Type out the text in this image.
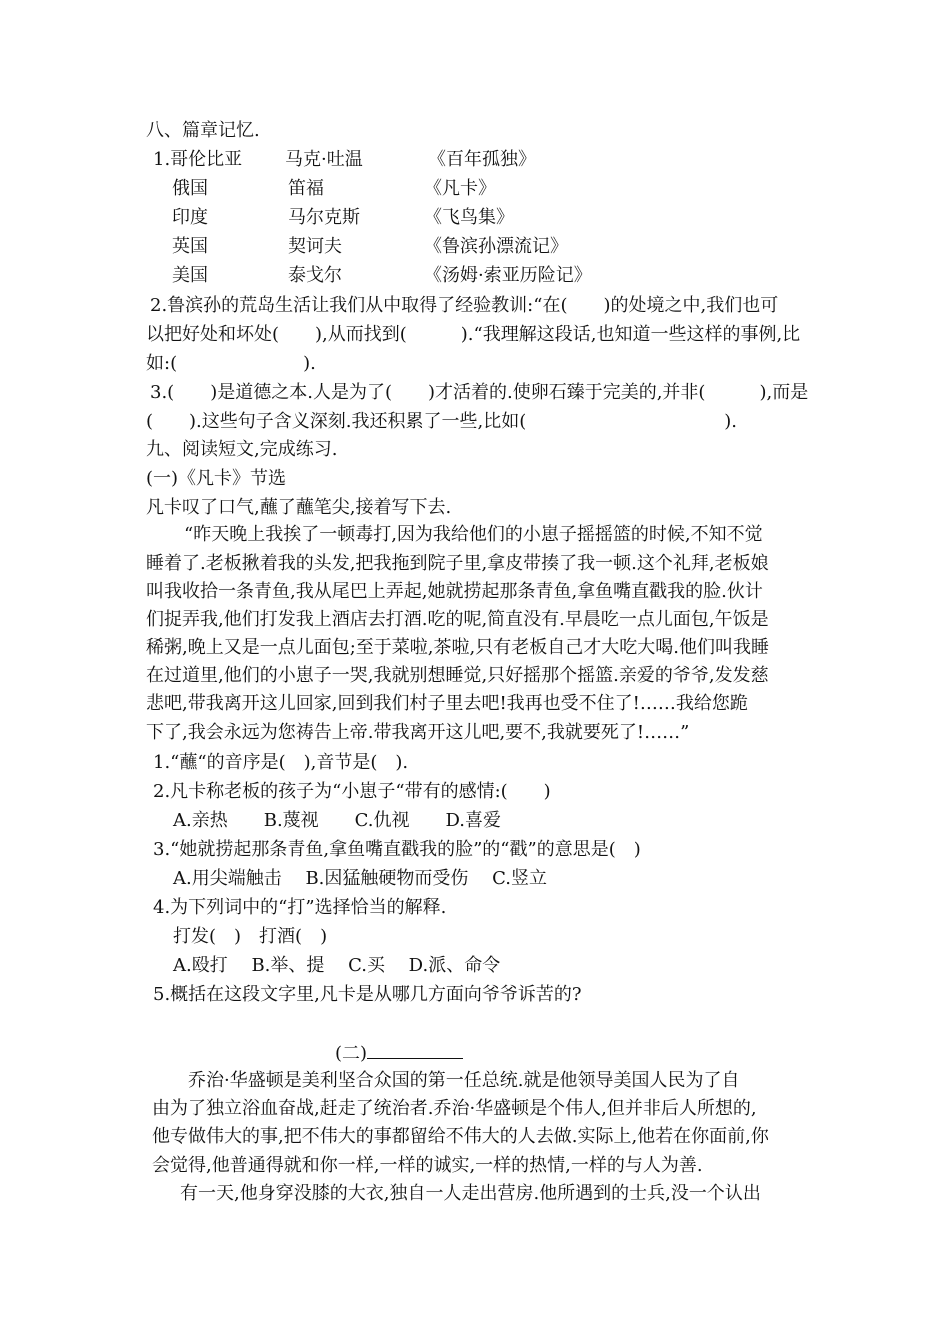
八、篇章记忆.
1.哥伦比亚 马克·吐温	《百年孤独》
俄国	笛福	《凡卡》
印度	马尔克斯	《飞鸟集》
英国	契诃夫	《鲁滨孙漂流记》
美国	泰戈尔	《汤姆·索亚历险记》
2.鲁滨孙的荒岛生活让我们从中取得了经验教训:“在(　　)的处境之中,我们也可
以把好处和坏处(　　),从而找到(　　　).“我理解这段话,也知道一些这样的事例,比
如:(　　　　　　　).
3.(　　)是道德之本.人是为了(　　)才活着的.使卵石臻于完美的,并非(　　　),而是
(　　).这些句子含义深刻.我还积累了一些,比如(　　　　　　　　　　　).
九、阅读短文,完成练习.
(一)《凡卡》节选
凡卡叹了口气,蘸了蘸笔尖,接着写下去.
“昨天晚上我挨了一顿毒打,因为我给他们的小崽子摇摇篮的时候,不知不觉
睡着了.老板揪着我的头发,把我拖到院子里,拿皮带揍了我一顿.这个礼拜,老板娘
叫我收拾一条青鱼,我从尾巴上弄起,她就捞起那条青鱼,拿鱼嘴直戳我的脸.伙计
们捉弄我,他们打发我上酒店去打酒.吃的呢,简直没有.早晨吃一点儿面包,午饭是
稀粥,晚上又是一点儿面包;至于菜啦,茶啦,只有老板自己才大吃大喝.他们叫我睡
在过道里,他们的小崽子一哭,我就别想睡觉,只好摇那个摇篮.亲爱的爷爷,发发慈
悲吧,带我离开这儿回家,回到我们村子里去吧!我再也受不住了!……我给您跪
下了,我会永远为您祷告上帝.带我离开这儿吧,要不,我就要死了!……”
1.“蘸“的音序是(　),音节是(　).
2.凡卡称老板的孩子为“小崽子“带有的感情:(　　)
A.亲热　　B.蔑视　　C.仇视　　D.喜爱
3.“她就捞起那条青鱼,拿鱼嘴直戳我的脸”的“戳”的意思是(　)
A.用尖端触击　 B.因猛触硬物而受伤　 C.竖立
4.为下列词中的“打”选择恰当的解释.
打发(　)　打酒(　)
A.殴打　 B.举、提　 C.买　 D.派、命令
5.概括在这段文字里,凡卡是从哪几方面向爷爷诉苦的?
(二)
乔治·华盛顿是美利坚合众国的第一任总统.就是他领导美国人民为了自
由为了独立浴血奋战,赶走了统治者.乔治·华盛顿是个伟人,但并非后人所想的,
他专做伟大的事,把不伟大的事都留给不伟大的人去做.实际上,他若在你面前,你
会觉得,他普通得就和你一样,一样的诚实,一样的热情,一样的与人为善.
有一天,他身穿没膝的大衣,独自一人走出营房.他所遇到的士兵,没一个认出
